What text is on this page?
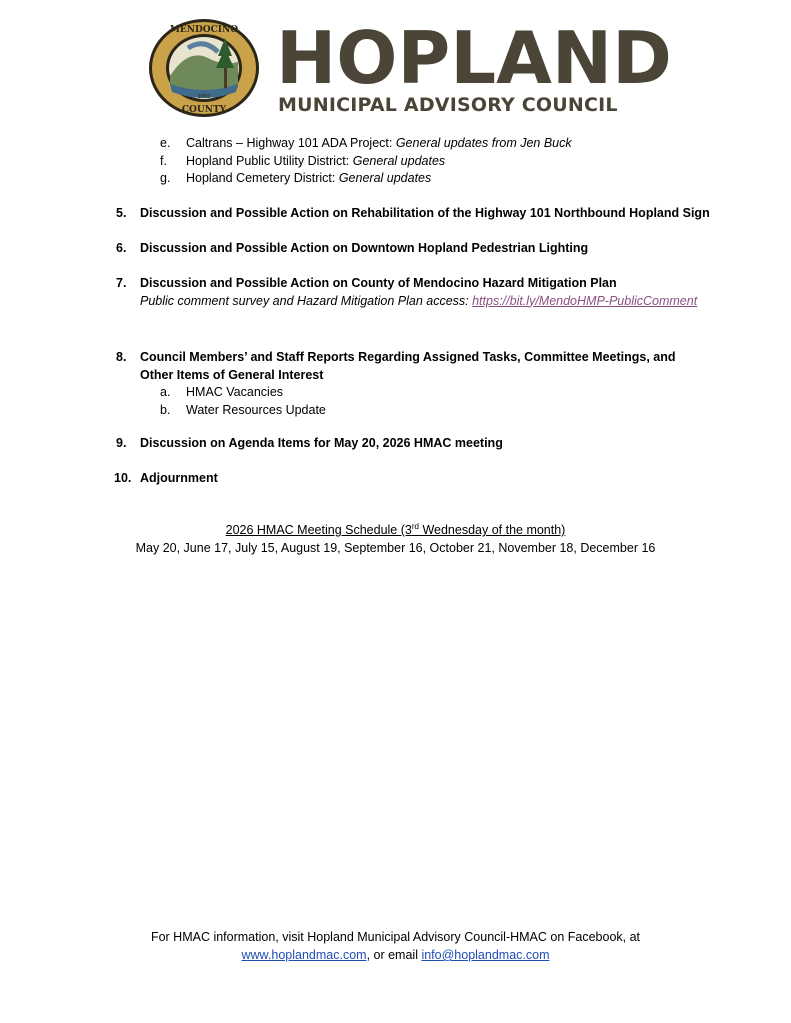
MENDOCINO
COUNTY
1850 HOPLAND
MUNICIPAL ADVISORY COUNCIL
e.	Caltrans – Highway 101 ADA Project: General updates from Jen Buck
f.	Hopland Public Utility District: General updates
g.	Hopland Cemetery District: General updates
5. Discussion and Possible Action on Rehabilitation of the Highway 101 Northbound Hopland Sign
6. Discussion and Possible Action on Downtown Hopland Pedestrian Lighting
7. Discussion and Possible Action on County of Mendocino Hazard Mitigation Plan
Public comment survey and Hazard Mitigation Plan access: https://bit.ly/MendoHMP-PublicComment
8. Council Members’ and Staff Reports Regarding Assigned Tasks, Committee Meetings, and Other Items of General Interest
a. HMAC Vacancies
b. Water Resources Update
9. Discussion on Agenda Items for May 20, 2026 HMAC meeting
10. Adjournment
2026 HMAC Meeting Schedule (3rd Wednesday of the month)
May 20, June 17, July 15, August 19, September 16, October 21, November 18, December 16
For HMAC information, visit Hopland Municipal Advisory Council-HMAC on Facebook, at
www.hoplandmac.com, or email info@hoplandmac.com
